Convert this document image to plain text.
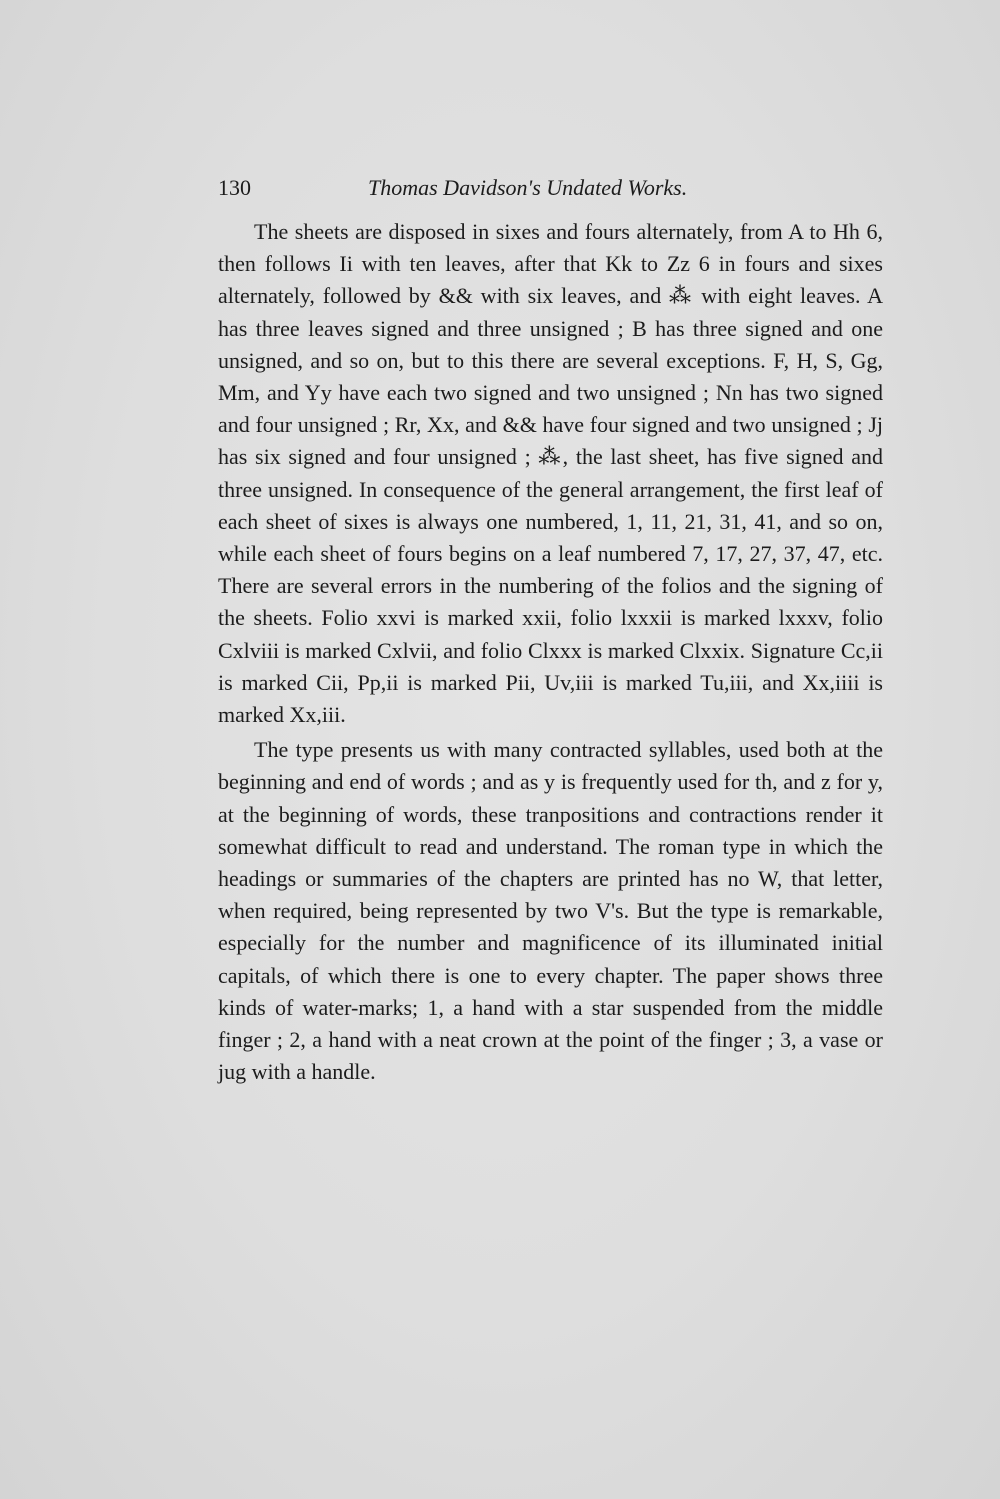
130	Thomas Davidson's Undated Works.

The sheets are disposed in sixes and fours alternately, from A to Hh 6, then follows Ii with ten leaves, after that Kk to Zz 6 in fours and sixes alternately, followed by && with six leaves, and ⁂ with eight leaves. A has three leaves signed and three unsigned ; B has three signed and one unsigned, and so on, but to this there are several exceptions. F, H, S, Gg, Mm, and Yy have each two signed and two unsigned ; Nn has two signed and four unsigned ; Rr, Xx, and && have four signed and two unsigned ; Jj has six signed and four unsigned ; ⁂, the last sheet, has five signed and three unsigned. In consequence of the general arrangement, the first leaf of each sheet of sixes is always one numbered, 1, 11, 21, 31, 41, and so on, while each sheet of fours begins on a leaf numbered 7, 17, 27, 37, 47, etc. There are several errors in the numbering of the folios and the signing of the sheets. Folio xxvi is marked xxii, folio lxxxii is marked lxxxv, folio Cxlviii is marked Cxlvii, and folio Clxxx is marked Clxxix. Signature Cc,ii is marked Cii, Pp,ii is marked Pii, Uv,iii is marked Tu,iii, and Xx,iiii is marked Xx,iii.

The type presents us with many contracted syllables, used both at the beginning and end of words ; and as y is frequently used for th, and z for y, at the beginning of words, these tranpositions and contractions render it somewhat difficult to read and understand. The roman type in which the headings or summaries of the chapters are printed has no W, that letter, when required, being represented by two V's. But the type is remarkable, especially for the number and magnificence of its illuminated initial capitals, of which there is one to every chapter. The paper shows three kinds of water-marks; 1, a hand with a star suspended from the middle finger ; 2, a hand with a neat crown at the point of the finger ; 3, a vase or jug with a handle.
